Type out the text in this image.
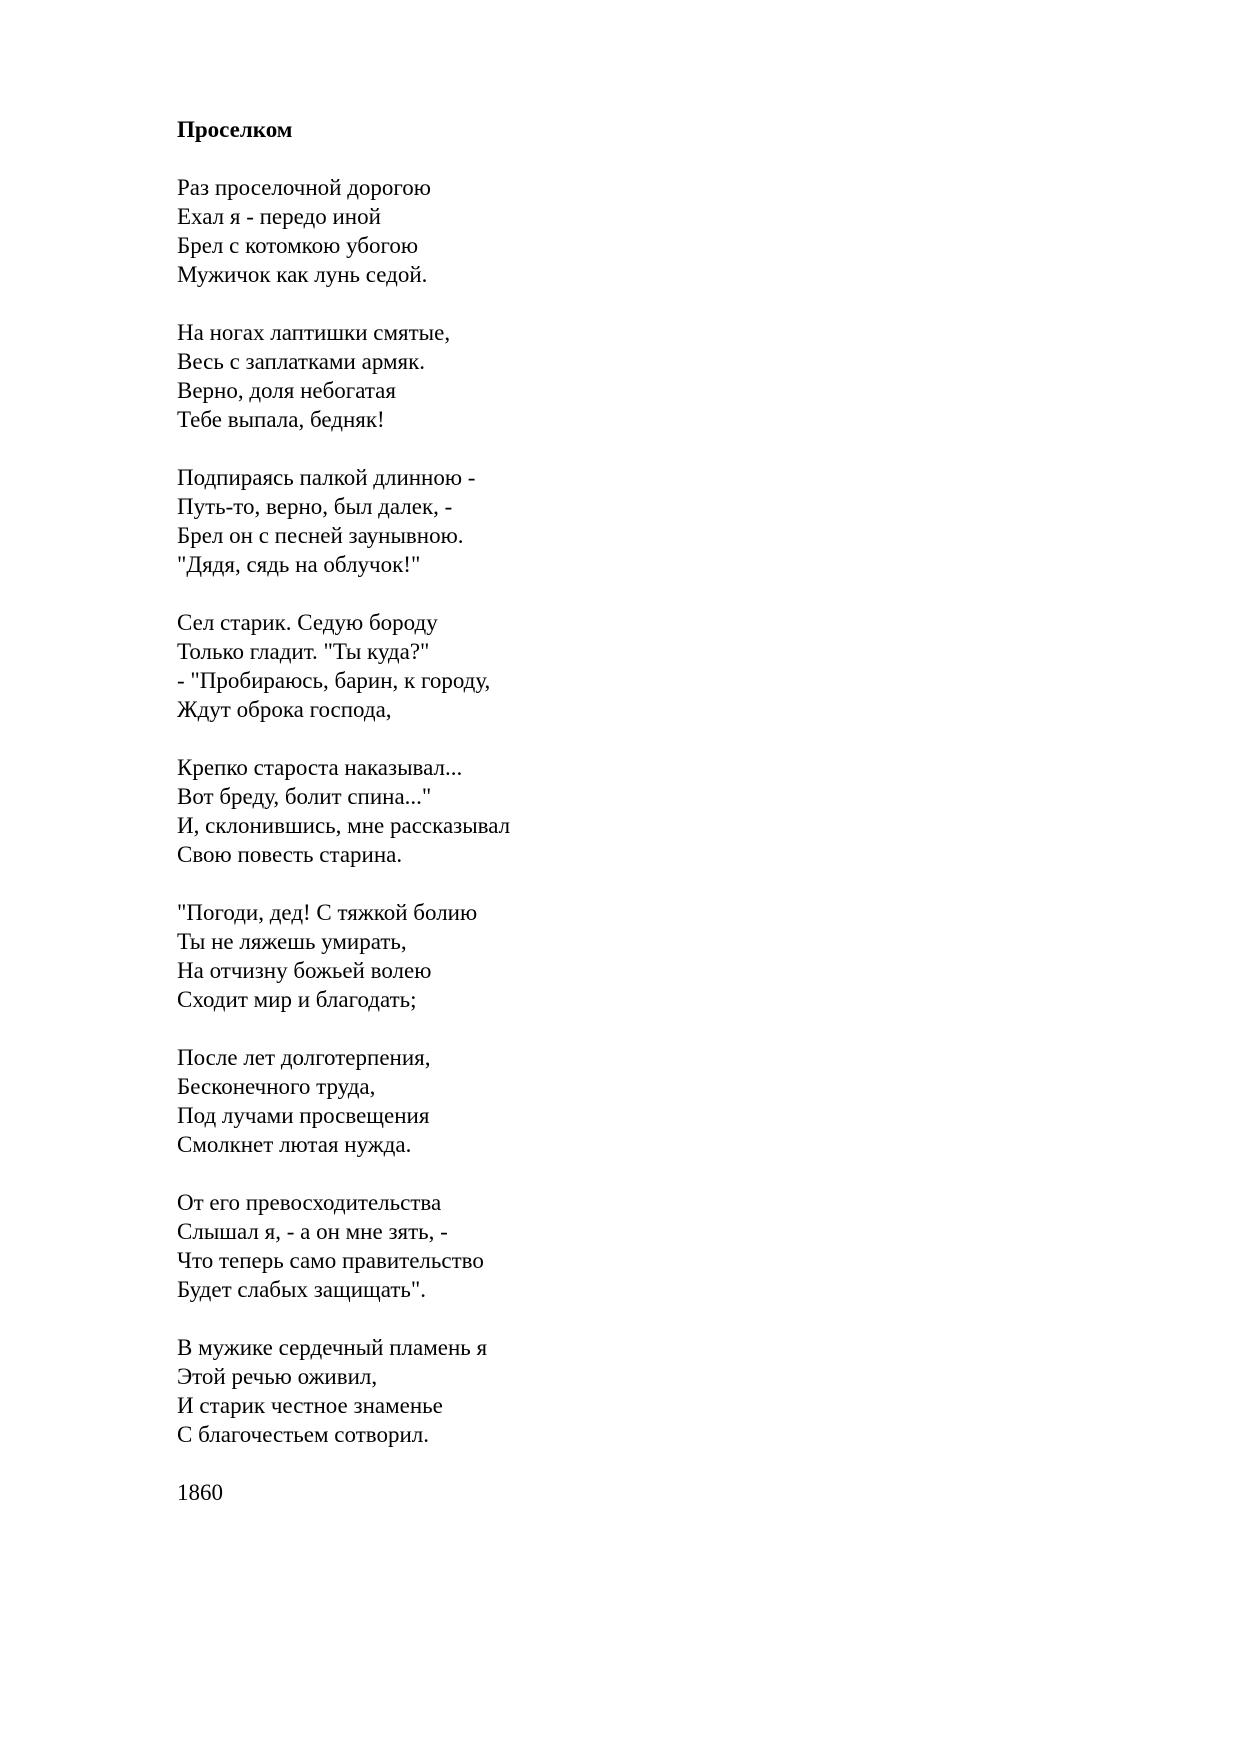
Проселком
Раз проселочной дорогою
Ехал я - передо иной
Брел с котомкою убогою
Мужичок как лунь седой.
На ногах лаптишки смятые,
Весь с заплатками армяк.
Верно, доля небогатая
Тебе выпала, бедняк!
Подпираясь палкой длинною -
Путь-то, верно, был далек, -
Брел он с песней заунывною.
"Дядя, сядь на облучок!"
Сел старик. Седую бороду
Только гладит. "Ты куда?"
- "Пробираюсь, барин, к городу,
Ждут оброка господа,
Крепко староста наказывал...
Вот бреду, болит спина..."
И, склонившись, мне рассказывал
Свою повесть старина.
"Погоди, дед! С тяжкой болию
Ты не ляжешь умирать,
На отчизну божьей волею
Сходит мир и благодать;
После лет долготерпения,
Бесконечного труда,
Под лучами просвещения
Смолкнет лютая нужда.
От его превосходительства
Слышал я, - а он мне зять, -
Что теперь само правительство
Будет слабых защищать".
В мужике сердечный пламень я
Этой речью оживил,
И старик честное знаменье
С благочестьем сотворил.
1860
